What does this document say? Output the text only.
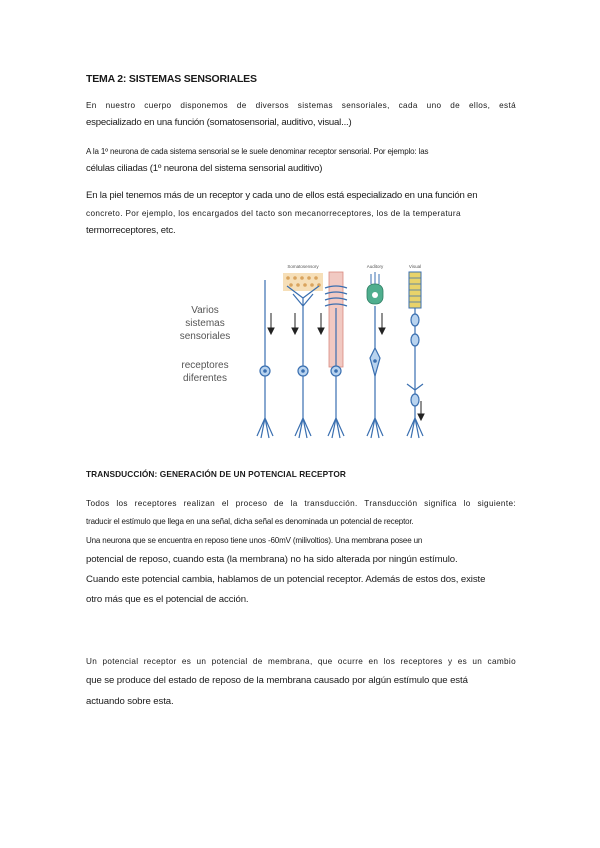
TEMA 2: SISTEMAS SENSORIALES
En nuestro cuerpo disponemos de diversos sistemas sensoriales, cada uno de ellos, está
especializado en una función (somatosensorial, auditivo, visual...)
A la 1º neurona de cada sistema sensorial se le suele denominar receptor sensorial. Por ejemplo: las
células ciliadas (1º neurona del sistema sensorial auditivo)
En la piel tenemos más de un receptor y cada uno de ellos está especializado en una función en
concreto. Por ejemplo, los encargados del tacto son mecanorreceptores, los de la temperatura
termorreceptores, etc.
Varios
sistemas
sensoriales
receptores
diferentes
Somatosensory	Auditory	Visual
TRANSDUCCIÓN: GENERACIÓN DE UN POTENCIAL RECEPTOR
Todos los receptores realizan el proceso de la transducción. Transducción significa lo siguiente:
traducir el estímulo que llega en una señal, dicha señal es denominada un potencial de receptor.
Una neurona que se encuentra en reposo tiene unos -60mV (milivoltios). Una membrana posee un
potencial de reposo, cuando esta (la membrana) no ha sido alterada por ningún estímulo.
Cuando este potencial cambia, hablamos de un potencial receptor. Además de estos dos, existe
otro más que es el potencial de acción.
Un potencial receptor es un potencial de membrana, que ocurre en los receptores y es un cambio
que se produce del estado de reposo de la membrana causado por algún estímulo que está
actuando sobre esta.
